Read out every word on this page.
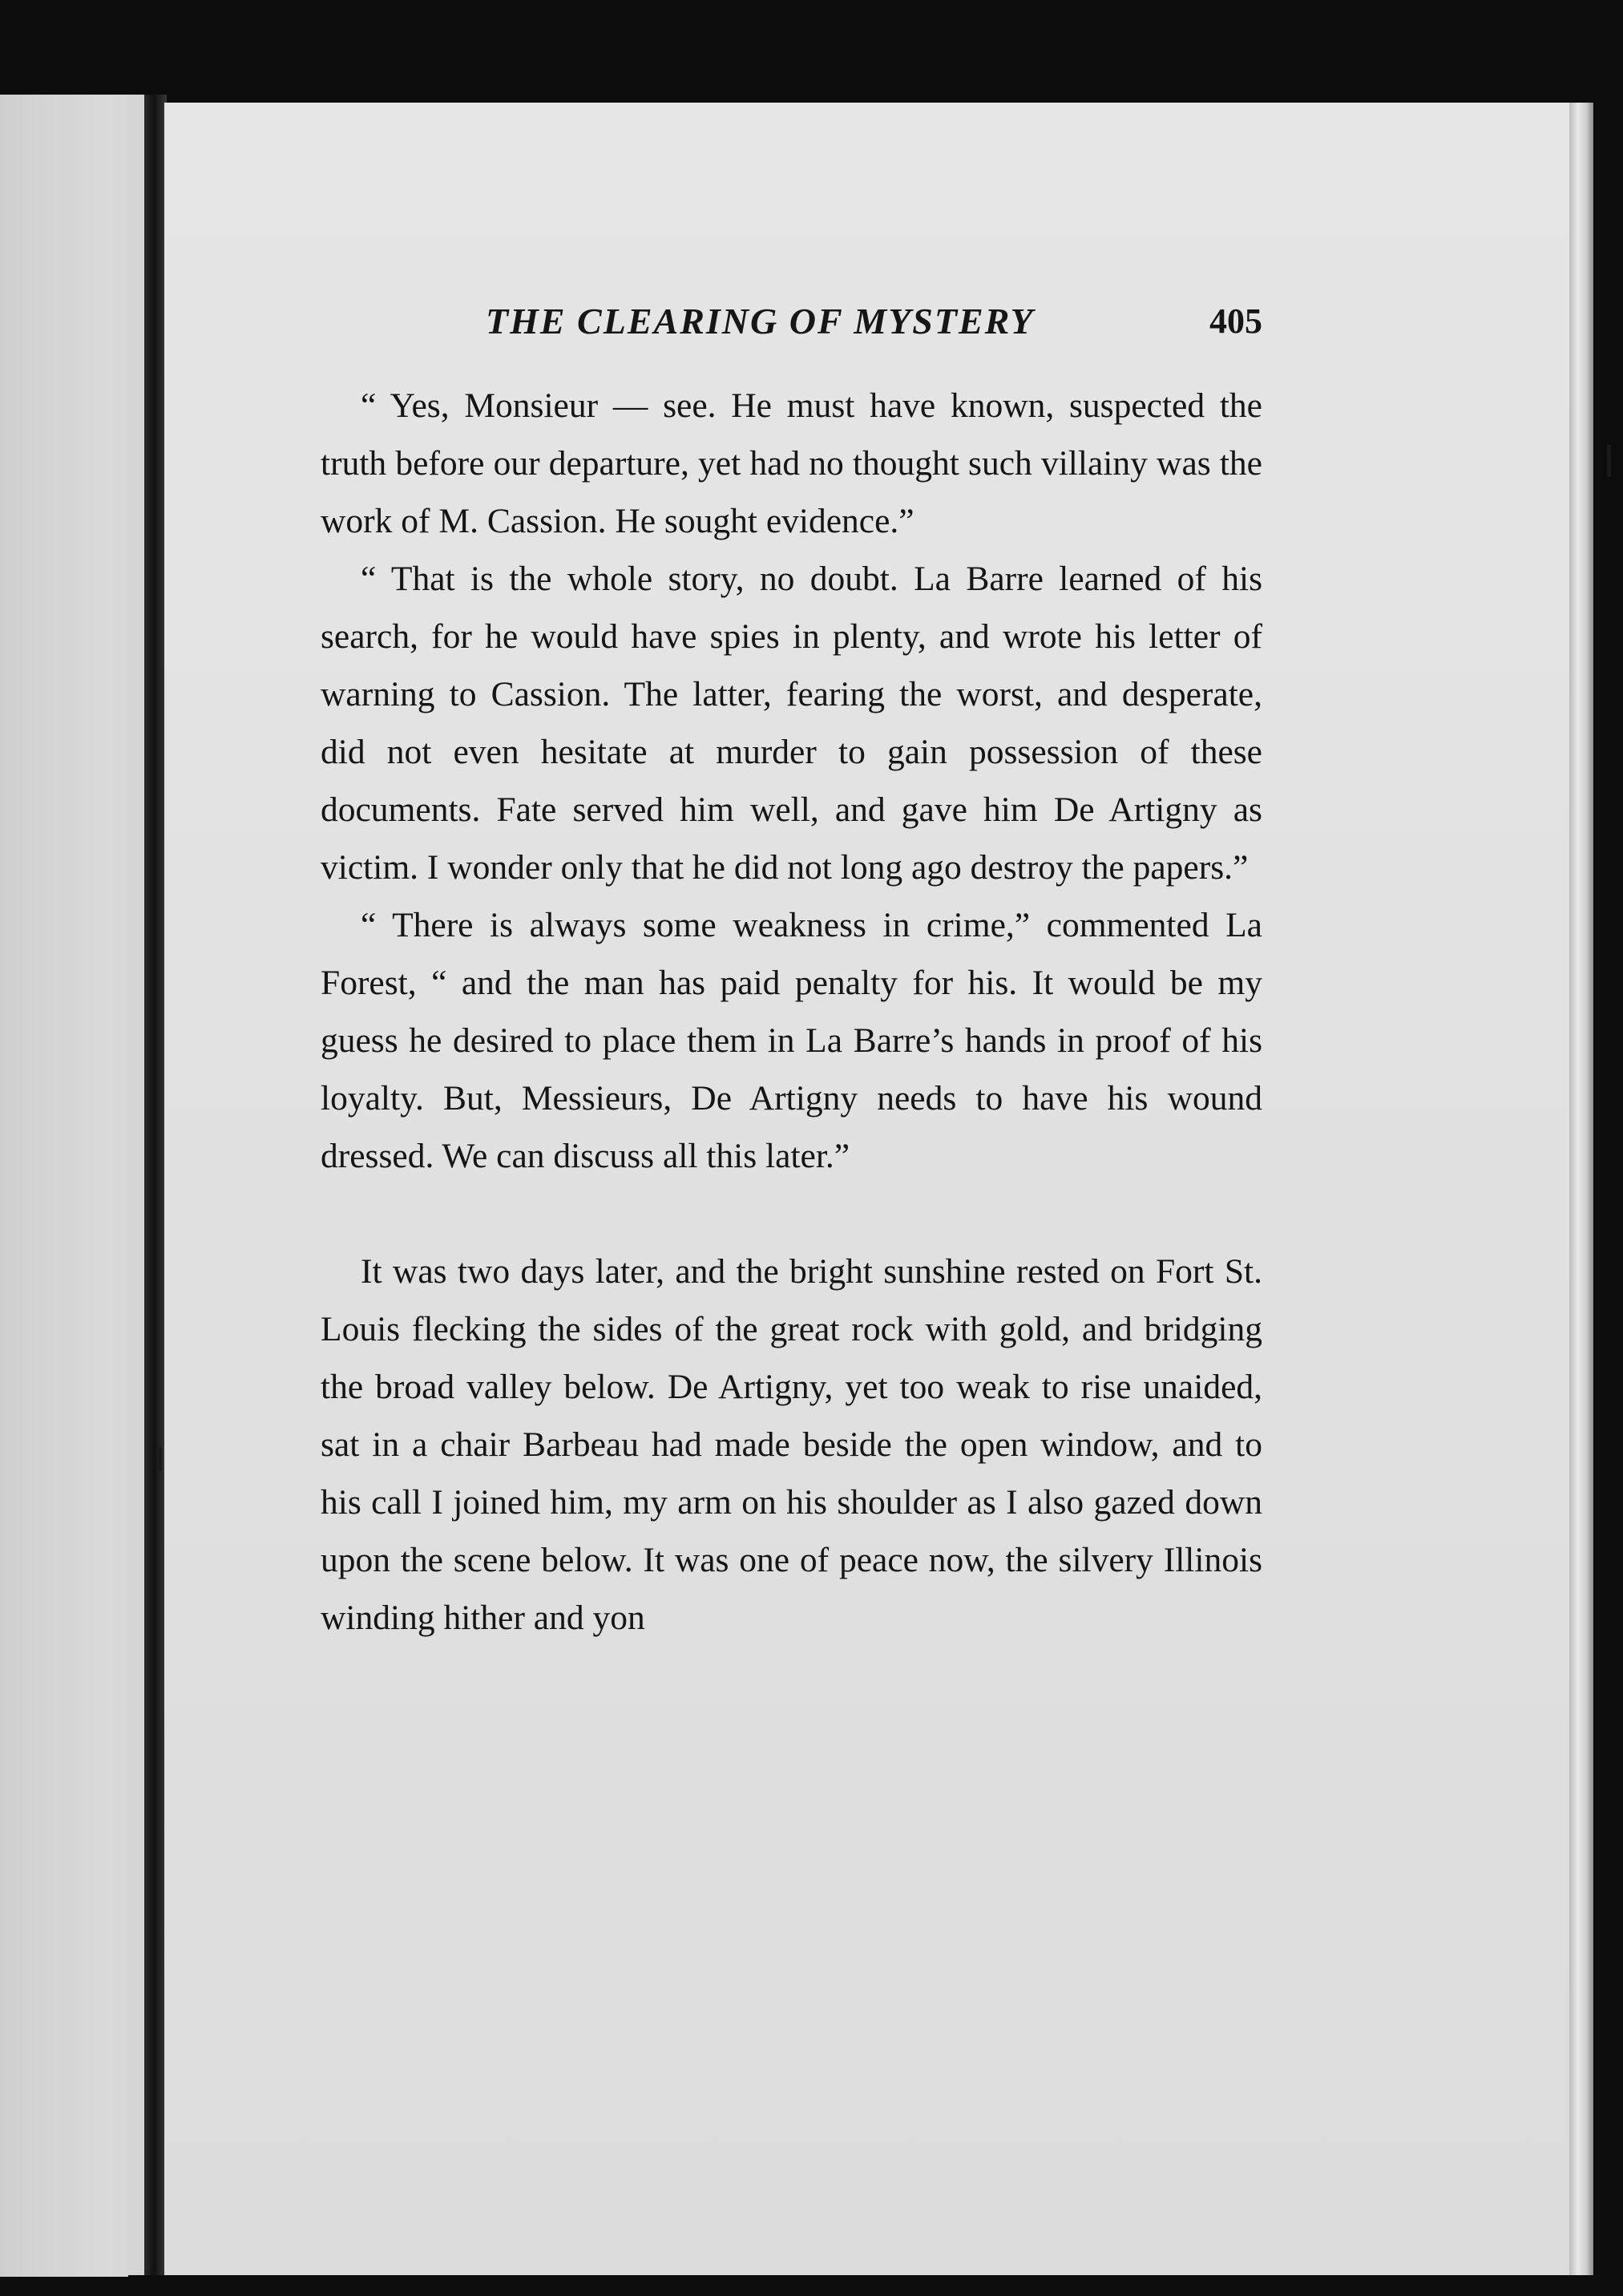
THE CLEARING OF MYSTERY	405

“ Yes, Monsieur — see. He must have known, suspected the truth before our departure, yet had no thought such villainy was the work of M. Cassion. He sought evidence.”

“ That is the whole story, no doubt. La Barre learned of his search, for he would have spies in plenty, and wrote his letter of warning to Cassion. The latter, fearing the worst, and desperate, did not even hesitate at murder to gain possession of these documents. Fate served him well, and gave him De Artigny as victim. I wonder only that he did not long ago destroy the papers.”

“ There is always some weakness in crime,” commented La Forest, “ and the man has paid penalty for his. It would be my guess he desired to place them in La Barre’s hands in proof of his loyalty. But, Messieurs, De Artigny needs to have his wound dressed. We can discuss all this later.”

It was two days later, and the bright sunshine rested on Fort St. Louis flecking the sides of the great rock with gold, and bridging the broad valley below. De Artigny, yet too weak to rise unaided, sat in a chair Barbeau had made beside the open window, and to his call I joined him, my arm on his shoulder as I also gazed down upon the scene below. It was one of peace now, the silvery Illinois winding hither and yon
